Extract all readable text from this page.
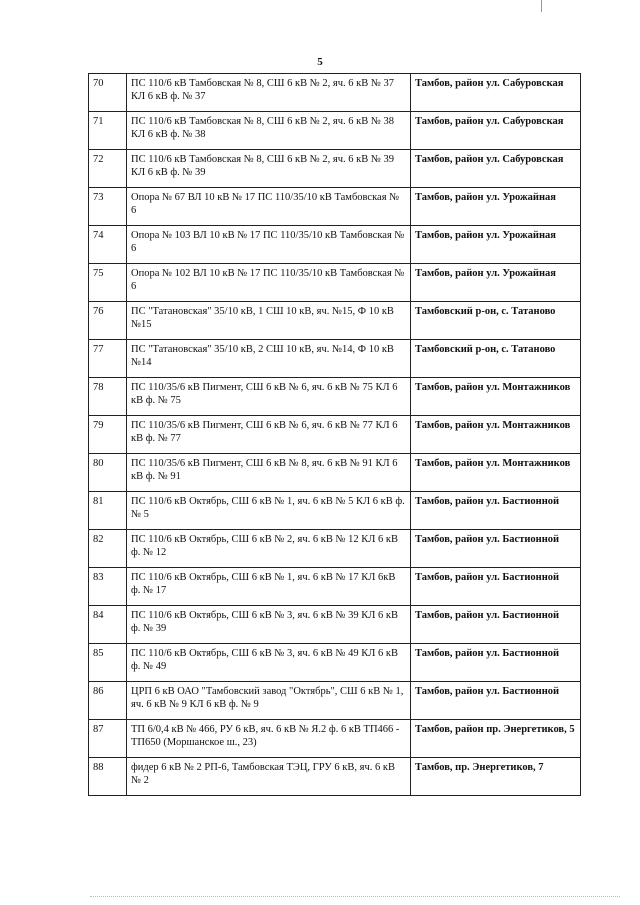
5
70	ПС 110/6 кВ Тамбовская № 8, СШ 6 кВ № 2, яч. 6 кВ № 37 КЛ 6 кВ ф. № 37	Тамбов, район ул. Сабуровская
71	ПС 110/6 кВ Тамбовская № 8, СШ 6 кВ № 2, яч. 6 кВ № 38 КЛ 6 кВ ф. № 38	Тамбов, район ул. Сабуровская
72	ПС 110/6 кВ Тамбовская № 8, СШ 6 кВ № 2, яч. 6 кВ № 39 КЛ 6 кВ ф. № 39	Тамбов, район ул. Сабуровская
73	Опора № 67 ВЛ 10 кВ № 17 ПС 110/35/10 кВ Тамбовская № 6	Тамбов, район ул. Урожайная
74	Опора № 103 ВЛ 10 кВ № 17 ПС 110/35/10 кВ Тамбовская № 6	Тамбов, район ул. Урожайная
75	Опора № 102 ВЛ 10 кВ № 17 ПС 110/35/10 кВ Тамбовская № 6	Тамбов, район ул. Урожайная
76	ПС "Татановская" 35/10 кВ, 1 СШ 10 кВ, яч. №15, Ф 10 кВ №15	Тамбовский р-он, с. Татаново
77	ПС "Татановская" 35/10 кВ, 2 СШ 10 кВ, яч. №14, Ф 10 кВ №14	Тамбовский р-он, с. Татаново
78	ПС 110/35/6 кВ Пигмент, СШ 6 кВ № 6, яч. 6 кВ № 75 КЛ 6 кВ ф. № 75	Тамбов, район ул. Монтажников
79	ПС 110/35/6 кВ Пигмент, СШ 6 кВ № 6, яч. 6 кВ № 77 КЛ 6 кВ ф. № 77	Тамбов, район ул. Монтажников
80	ПС 110/35/6 кВ Пигмент, СШ 6 кВ № 8, яч. 6 кВ № 91 КЛ 6 кВ ф. № 91	Тамбов, район ул. Монтажников
81	ПС 110/6 кВ Октябрь, СШ 6 кВ № 1, яч. 6 кВ № 5 КЛ 6 кВ ф. № 5	Тамбов, район ул. Бастионной
82	ПС 110/6 кВ Октябрь, СШ 6 кВ № 2, яч. 6 кВ № 12 КЛ 6 кВ ф. № 12	Тамбов, район ул. Бастионной
83	ПС 110/6 кВ Октябрь, СШ 6 кВ № 1, яч. 6 кВ № 17 КЛ 6кВ ф. № 17	Тамбов, район ул. Бастионной
84	ПС 110/6 кВ Октябрь, СШ 6 кВ № 3, яч. 6 кВ № 39 КЛ 6 кВ ф. № 39	Тамбов, район ул. Бастионной
85	ПС 110/6 кВ Октябрь, СШ 6 кВ № 3, яч. 6 кВ № 49 КЛ 6 кВ ф. № 49	Тамбов, район ул. Бастионной
86	ЦРП 6 кВ ОАО "Тамбовский завод "Октябрь", СШ 6 кВ № 1, яч. 6 кВ № 9 КЛ 6 кВ ф. № 9	Тамбов, район ул. Бастионной
87	ТП 6/0,4 кВ № 466, РУ 6 кВ, яч. 6 кВ № Я.2 ф. 6 кВ ТП466 - ТП650 (Моршанское ш., 23)	Тамбов, район пр. Энергетиков, 5
88	фидер 6 кВ № 2 РП-6, Тамбовская ТЭЦ, ГРУ 6 кВ, яч. 6 кВ № 2	Тамбов, пр. Энергетиков, 7
